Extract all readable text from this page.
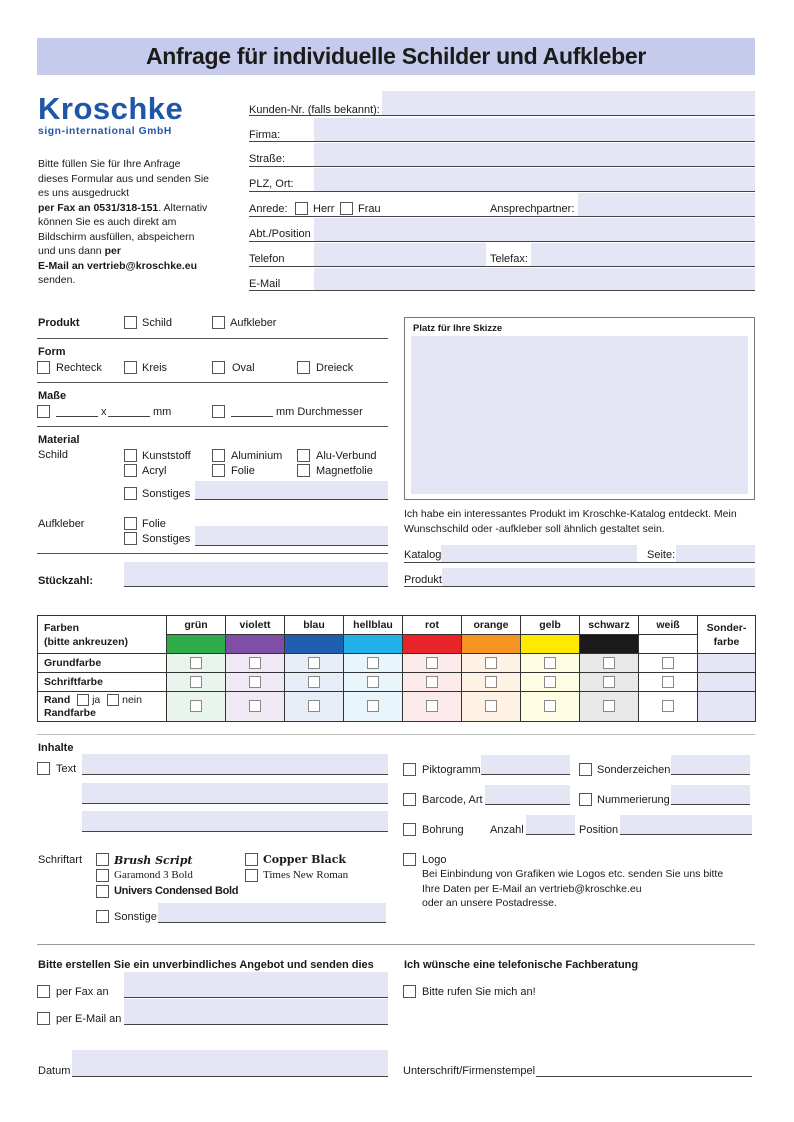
Anfrage für individuelle Schilder und Aufkleber
Kroschke
sign-international GmbH
Bitte füllen Sie für Ihre Anfrage dieses Formular aus und senden Sie es uns ausgedruckt
per Fax an 0531/318-151. Alternativ können Sie es auch direkt am Bildschirm ausfüllen, abspeichern und uns dann per
E-Mail an vertrieb@kroschke.eu
senden.
Kunden-Nr. (falls bekannt):
Firma:
Straße:
PLZ, Ort:
Anrede: Herr Frau	Ansprechpartner:
Abt./Position
Telefon	Telefax:
E-Mail
Produkt	Schild	Aufkleber
Form
Rechteck	Kreis	Oval	Dreieck
Maße
x	mm	mm Durchmesser
Material
Schild	Kunststoff	Aluminium	Alu-Verbund
Acryl	Folie	Magnetfolie
Sonstiges
Aufkleber	Folie
Sonstiges
Stückzahl:
Platz für Ihre Skizze
Ich habe ein interessantes Produkt im Kroschke-Katalog entdeckt. Mein Wunschschild oder -aufkleber soll ähnlich gestaltet sein.
Katalog	Seite:
Produkt
Farben
(bitte ankreuzen)	grün	violett	blau	hellblau	rot	orange	gelb	schwarz	weiß	Sonder-
farbe

Grundfarbe										
Schriftfarbe										
Rand ja nein
Randfarbe										
Inhalte
Text	Piktogramm	Sonderzeichen
Barcode, Art	Nummerierung
Bohrung Anzahl	Position
Logo
Bei Einbindung von Grafiken wie Logos etc. senden Sie uns bitte
Ihre Daten per E-Mail an vertrieb@kroschke.eu
oder an unsere Postadresse.
Schriftart	Brush Script
Garamond 3 Bold
Univers Condensed Bold
Copper Black
Times New Roman
Sonstige
Bitte erstellen Sie ein unverbindliches Angebot und senden dies
per Fax an
per E-Mail an
Ich wünsche eine telefonische Fachberatung
Bitte rufen Sie mich an!
Datum	Unterschrift/Firmenstempel
